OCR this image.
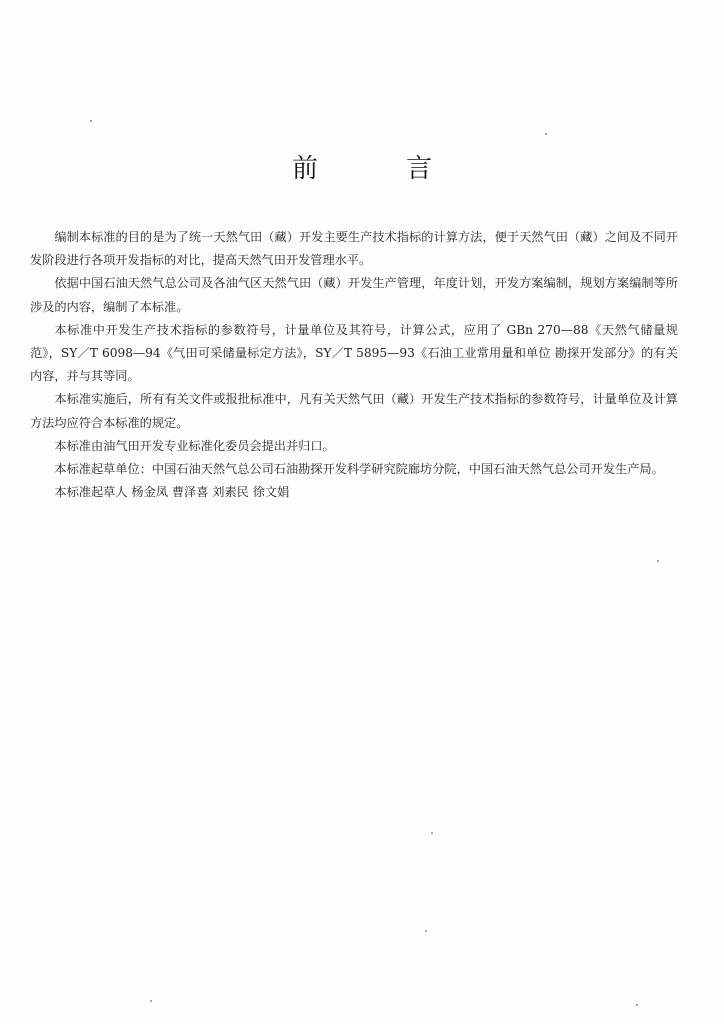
前	言

编制本标准的目的是为了统一天然气田（藏）开发主要生产技术指标的计算方法，便于天然气田（藏）之间及不同开发阶段进行各项开发指标的对比，提高天然气田开发管理水平。

依据中国石油天然气总公司及各油气区天然气田（藏）开发生产管理，年度计划，开发方案编制，规划方案编制等所涉及的内容，编制了本标准。

本标准中开发生产技术指标的参数符号，计量单位及其符号，计算公式，应用了 GBn 270—88《天然气储量规范》，SY／T 6098—94《气田可采储量标定方法》，SY／T 5895—93《石油工业常用量和单位 勘探开发部分》的有关内容，并与其等同。

本标准实施后，所有有关文件或报批标准中，凡有关天然气田（藏）开发生产技术指标的参数符号，计量单位及计算方法均应符合本标准的规定。

本标准由油气田开发专业标准化委员会提出并归口。

本标准起草单位：中国石油天然气总公司石油勘探开发科学研究院廊坊分院，中国石油天然气总公司开发生产局。

本标准起草人 杨金凤 曹泽喜 刘素民 徐文娟
